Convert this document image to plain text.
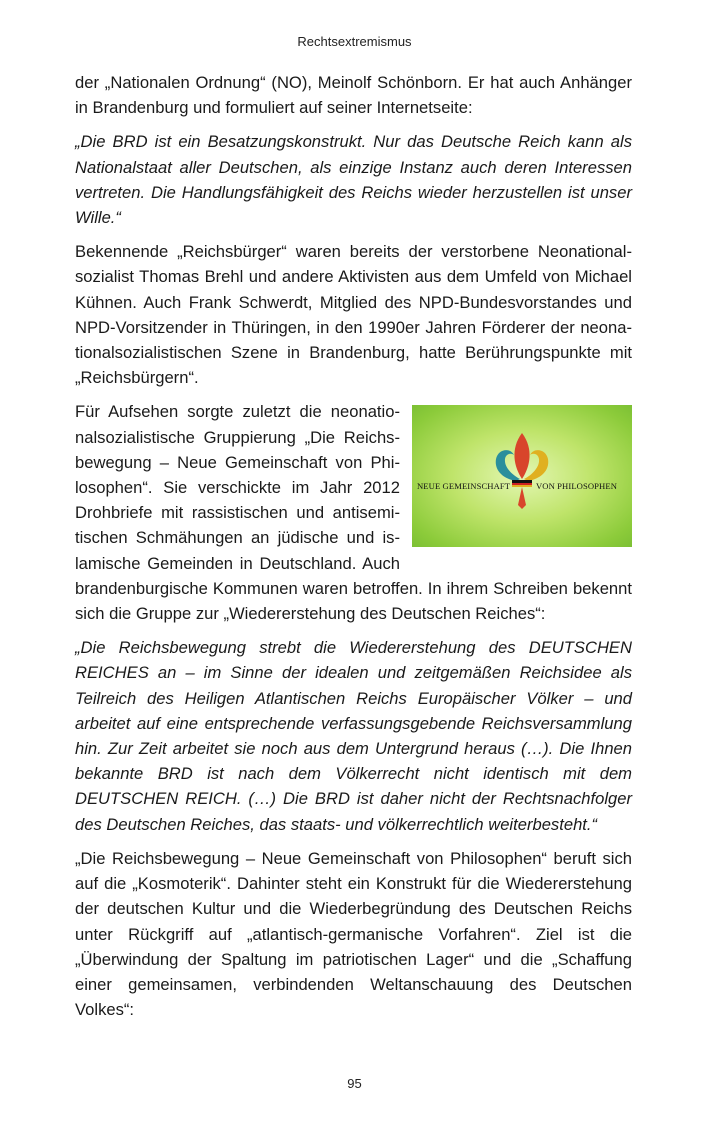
Rechtsextremismus

der „Nationalen Ordnung“ (NO), Meinolf Schönborn. Er hat auch Anhänger in Brandenburg und formuliert auf seiner Internetseite:

„Die BRD ist ein Besatzungskonstrukt. Nur das Deutsche Reich kann als Nationalstaat aller Deutschen, als einzige Instanz auch deren Interessen vertreten. Die Handlungsfähigkeit des Reichs wieder herzustellen ist unser Wille.“

Bekennende „Reichsbürger“ waren bereits der verstorbene Neonationalsozialist Thomas Brehl und andere Aktivisten aus dem Umfeld von Michael Kühnen. Auch Frank Schwerdt, Mitglied des NPD-Bundesvorstandes und NPD-Vorsitzender in Thüringen, in den 1990er Jahren Förderer der neonationalsozialistischen Szene in Brandenburg, hatte Berührungspunkte mit „Reichsbürgern“.

NEUE GEMEINSCHAFT	VON PHILOSOPHEN

Für Aufsehen sorgte zuletzt die neonationalsozialistische Gruppierung „Die Reichsbewegung – Neue Gemeinschaft von Philosophen“. Sie verschickte im Jahr 2012 Drohbriefe mit rassistischen und antisemitischen Schmähungen an jüdische und islamische Gemeinden in Deutschland. Auch brandenburgische Kommunen waren betroffen. In ihrem Schreiben bekennt sich die Gruppe zur „Wiedererstehung des Deutschen Reiches“:

„Die Reichsbewegung strebt die Wiedererstehung des DEUTSCHEN REICHES an – im Sinne der idealen und zeitgemäßen Reichsidee als Teilreich des Heiligen Atlantischen Reichs Europäischer Völker – und arbeitet auf eine entsprechende verfassungsgebende Reichsversammlung hin. Zur Zeit arbeitet sie noch aus dem Untergrund heraus (…). Die Ihnen bekannte BRD ist nach dem Völkerrecht nicht identisch mit dem DEUTSCHEN REICH. (…) Die BRD ist daher nicht der Rechtsnachfolger des Deutschen Reiches, das staats- und völkerrechtlich weiterbesteht.“

„Die Reichsbewegung – Neue Gemeinschaft von Philosophen“ beruft sich auf die „Kosmoterik“. Dahinter steht ein Konstrukt für die Wiedererstehung der deutschen Kultur und die Wiederbegründung des Deutschen Reichs unter Rückgriff auf „atlantisch-germanische Vorfahren“. Ziel ist die „Überwindung der Spaltung im patriotischen Lager“ und die „Schaffung einer gemeinsamen, verbindenden Weltanschauung des Deutschen Volkes“:

95
